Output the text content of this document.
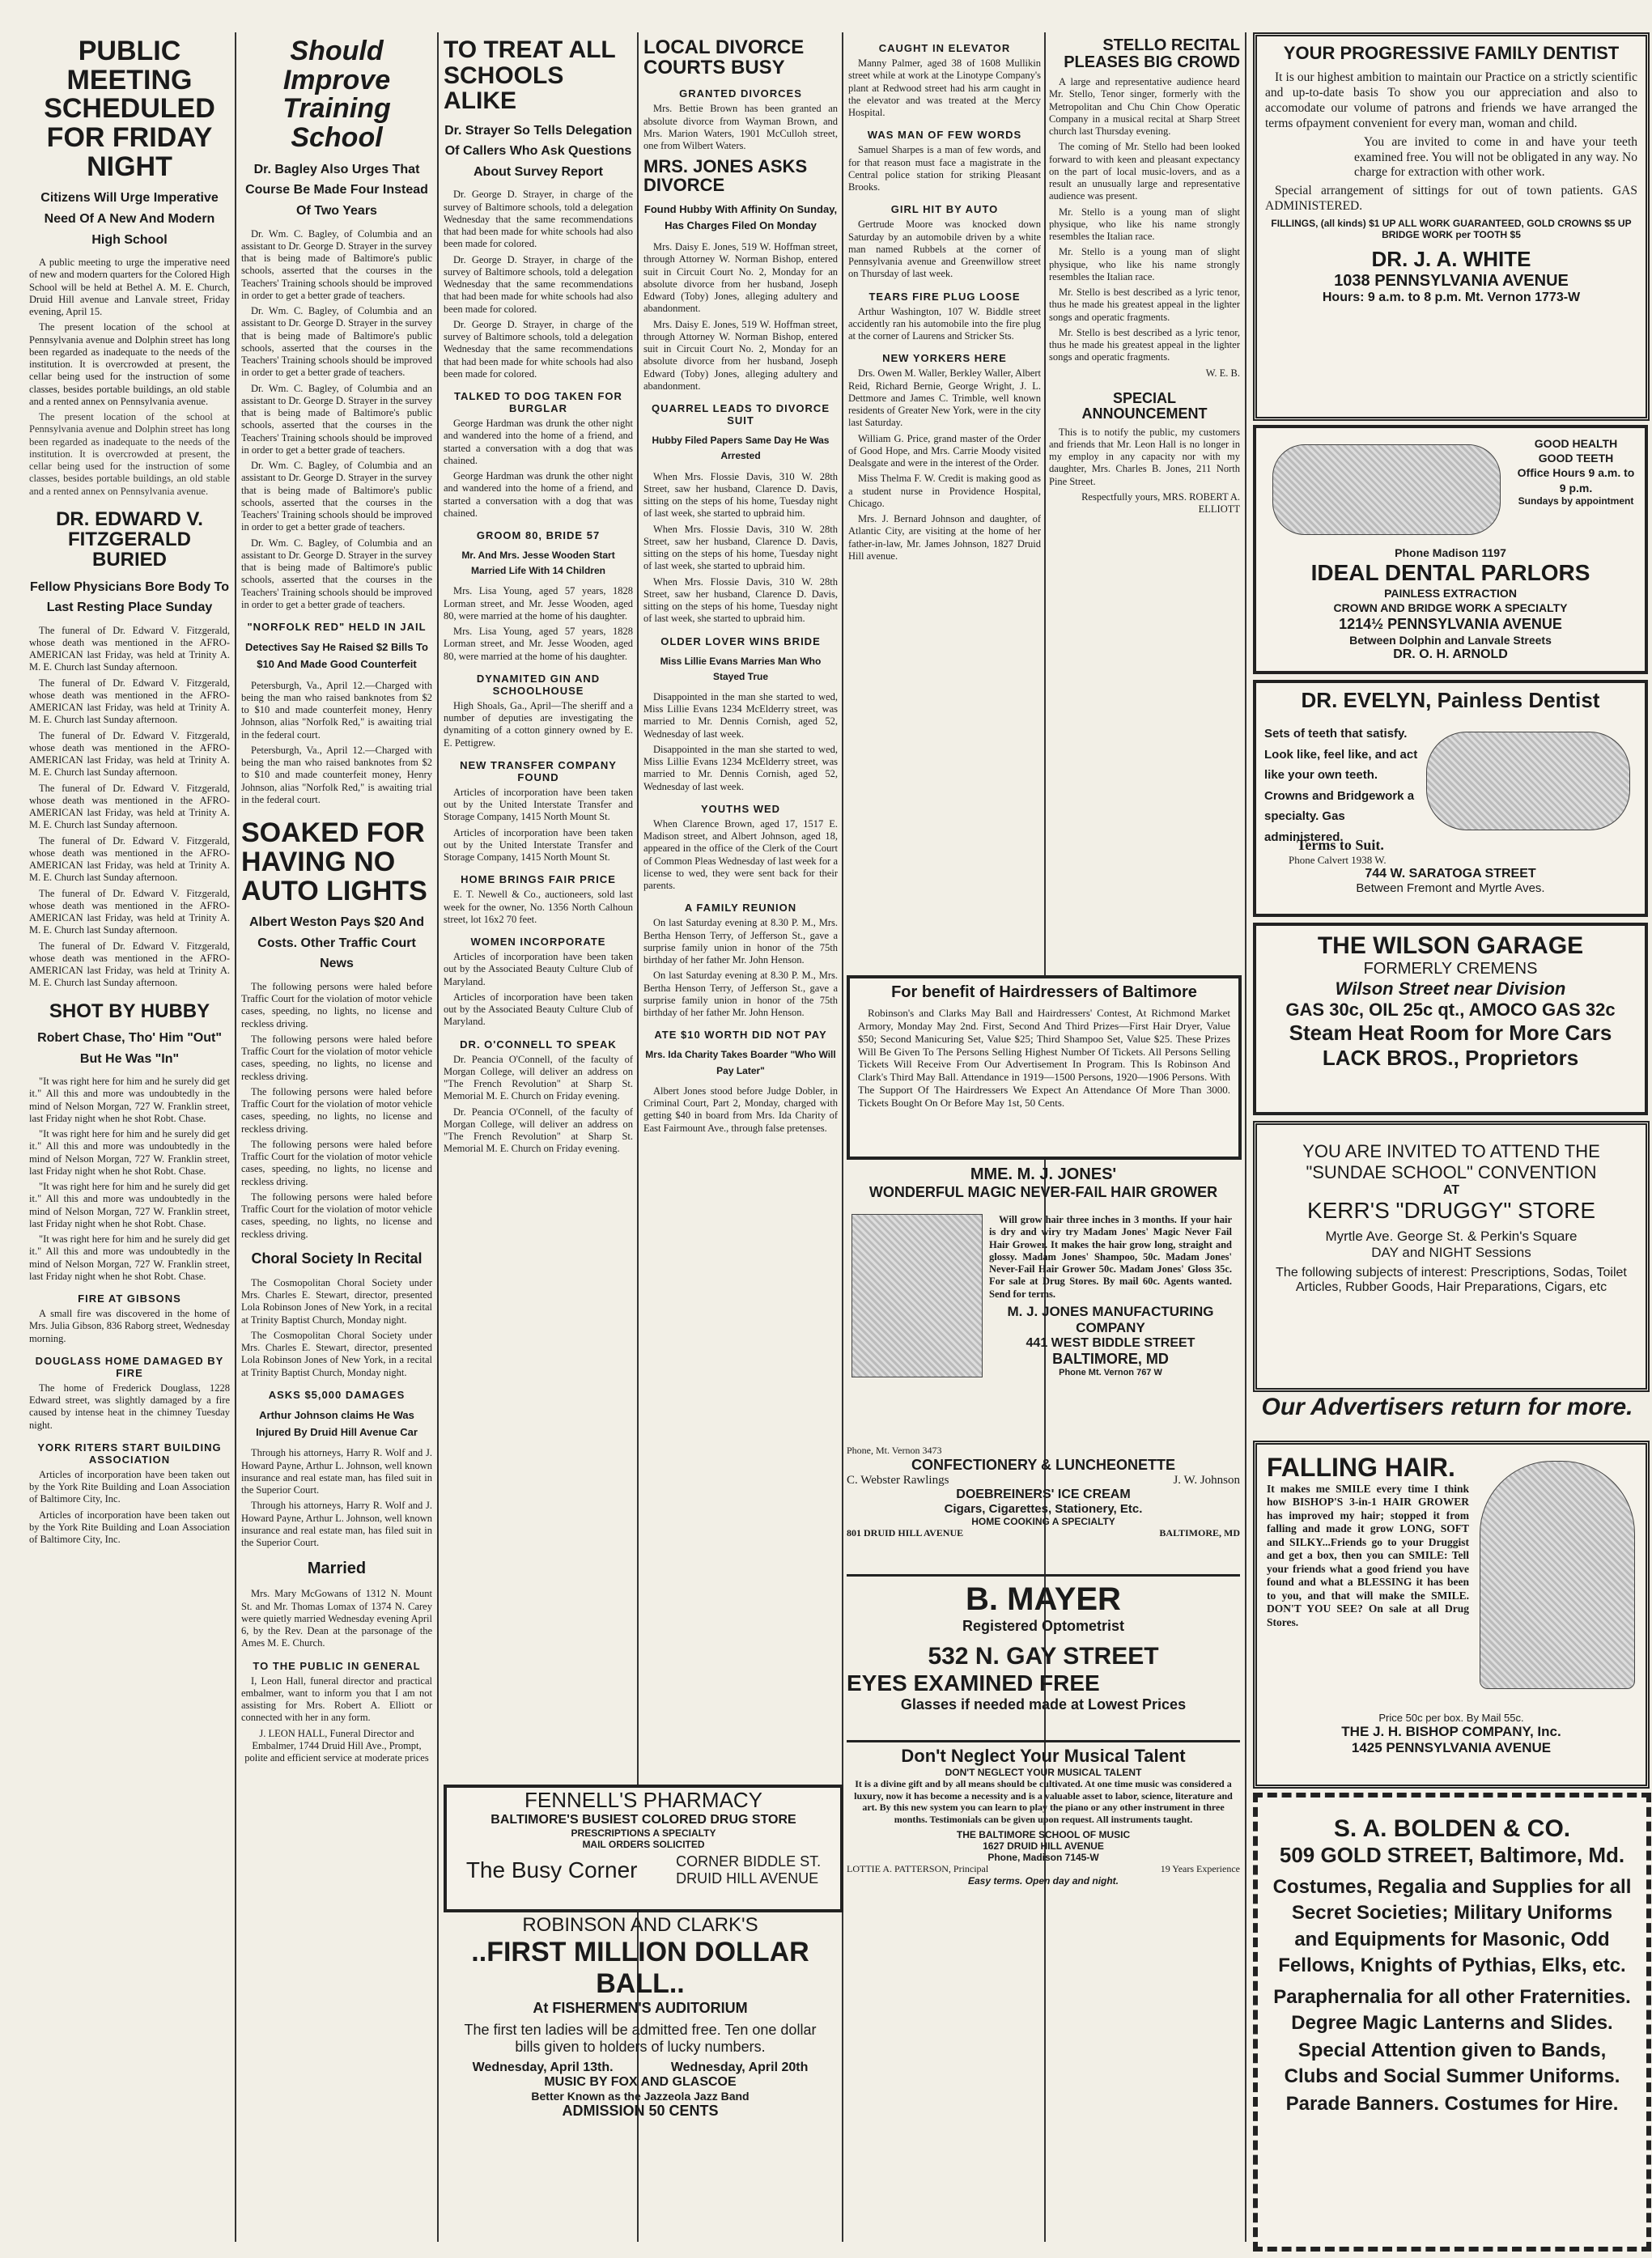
PUBLIC MEETING SCHEDULED FOR FRIDAY NIGHT
Citizens Will Urge Imperative Need Of A New And Modern High School

A public meeting to urge the imperative need of new and modern quarters for the Colored High School will be held at Bethel A. M. E. Church, Druid Hill avenue and Lanvale street, Friday evening, April 15.

The present location of the school at Pennsylvania avenue and Dolphin street has long been regarded as inadequate to the needs of the institution. It is overcrowded at present, the cellar being used for the instruction of some classes, besides portable buildings, an old stable and a rented annex on Pennsylvania avenue.

The present location of the school at Pennsylvania avenue and Dolphin street has long been regarded as inadequate to the needs of the institution. It is overcrowded at present, the cellar being used for the instruction of some classes, besides portable buildings, an old stable and a rented annex on Pennsylvania avenue.

DR. EDWARD V. FITZGERALD BURIED
Fellow Physicians Bore Body To Last Resting Place Sunday

The funeral of Dr. Edward V. Fitzgerald, whose death was mentioned in the AFRO-AMERICAN last Friday, was held at Trinity A. M. E. Church last Sunday afternoon.

The funeral of Dr. Edward V. Fitzgerald, whose death was mentioned in the AFRO-AMERICAN last Friday, was held at Trinity A. M. E. Church last Sunday afternoon.

The funeral of Dr. Edward V. Fitzgerald, whose death was mentioned in the AFRO-AMERICAN last Friday, was held at Trinity A. M. E. Church last Sunday afternoon.

The funeral of Dr. Edward V. Fitzgerald, whose death was mentioned in the AFRO-AMERICAN last Friday, was held at Trinity A. M. E. Church last Sunday afternoon.

The funeral of Dr. Edward V. Fitzgerald, whose death was mentioned in the AFRO-AMERICAN last Friday, was held at Trinity A. M. E. Church last Sunday afternoon.

The funeral of Dr. Edward V. Fitzgerald, whose death was mentioned in the AFRO-AMERICAN last Friday, was held at Trinity A. M. E. Church last Sunday afternoon.

The funeral of Dr. Edward V. Fitzgerald, whose death was mentioned in the AFRO-AMERICAN last Friday, was held at Trinity A. M. E. Church last Sunday afternoon.

SHOT BY HUBBY
Robert Chase, Tho' Him "Out" But He Was "In"

"It was right here for him and he surely did get it." All this and more was undoubtedly in the mind of Nelson Morgan, 727 W. Franklin street, last Friday night when he shot Robt. Chase.

"It was right here for him and he surely did get it." All this and more was undoubtedly in the mind of Nelson Morgan, 727 W. Franklin street, last Friday night when he shot Robt. Chase.

"It was right here for him and he surely did get it." All this and more was undoubtedly in the mind of Nelson Morgan, 727 W. Franklin street, last Friday night when he shot Robt. Chase.

"It was right here for him and he surely did get it." All this and more was undoubtedly in the mind of Nelson Morgan, 727 W. Franklin street, last Friday night when he shot Robt. Chase.

FIRE AT GIBSONS

A small fire was discovered in the home of Mrs. Julia Gibson, 836 Raborg street, Wednesday morning.

DOUGLASS HOME DAMAGED BY FIRE

The home of Frederick Douglass, 1228 Edward street, was slightly damaged by a fire caused by intense heat in the chimney Tuesday night.

YORK RITERS START BUILDING ASSOCIATION

Articles of incorporation have been taken out by the York Rite Building and Loan Association of Baltimore City, Inc.

Articles of incorporation have been taken out by the York Rite Building and Loan Association of Baltimore City, Inc.

Should Improve Training School
Dr. Bagley Also Urges That Course Be Made Four Instead Of Two Years

Dr. Wm. C. Bagley, of Columbia and an assistant to Dr. George D. Strayer in the survey that is being made of Baltimore's public schools, asserted that the courses in the Teachers' Training schools should be improved in order to get a better grade of teachers.

Dr. Wm. C. Bagley, of Columbia and an assistant to Dr. George D. Strayer in the survey that is being made of Baltimore's public schools, asserted that the courses in the Teachers' Training schools should be improved in order to get a better grade of teachers.

Dr. Wm. C. Bagley, of Columbia and an assistant to Dr. George D. Strayer in the survey that is being made of Baltimore's public schools, asserted that the courses in the Teachers' Training schools should be improved in order to get a better grade of teachers.

Dr. Wm. C. Bagley, of Columbia and an assistant to Dr. George D. Strayer in the survey that is being made of Baltimore's public schools, asserted that the courses in the Teachers' Training schools should be improved in order to get a better grade of teachers.

Dr. Wm. C. Bagley, of Columbia and an assistant to Dr. George D. Strayer in the survey that is being made of Baltimore's public schools, asserted that the courses in the Teachers' Training schools should be improved in order to get a better grade of teachers.

"NORFOLK RED" HELD IN JAIL
Detectives Say He Raised $2 Bills To $10 And Made Good Counterfeit

Petersburgh, Va., April 12.—Charged with being the man who raised banknotes from $2 to $10 and made counterfeit money, Henry Johnson, alias "Norfolk Red," is awaiting trial in the federal court.

Petersburgh, Va., April 12.—Charged with being the man who raised banknotes from $2 to $10 and made counterfeit money, Henry Johnson, alias "Norfolk Red," is awaiting trial in the federal court.

SOAKED FOR HAVING NO AUTO LIGHTS
Albert Weston Pays $20 And Costs. Other Traffic Court News

The following persons were haled before Traffic Court for the violation of motor vehicle cases, speeding, no lights, no license and reckless driving.

The following persons were haled before Traffic Court for the violation of motor vehicle cases, speeding, no lights, no license and reckless driving.

The following persons were haled before Traffic Court for the violation of motor vehicle cases, speeding, no lights, no license and reckless driving.

The following persons were haled before Traffic Court for the violation of motor vehicle cases, speeding, no lights, no license and reckless driving.

The following persons were haled before Traffic Court for the violation of motor vehicle cases, speeding, no lights, no license and reckless driving.

Choral Society In Recital

The Cosmopolitan Choral Society under Mrs. Charles E. Stewart, director, presented Lola Robinson Jones of New York, in a recital at Trinity Baptist Church, Monday night.

The Cosmopolitan Choral Society under Mrs. Charles E. Stewart, director, presented Lola Robinson Jones of New York, in a recital at Trinity Baptist Church, Monday night.

ASKS $5,000 DAMAGES
Arthur Johnson claims He Was Injured By Druid Hill Avenue Car

Through his attorneys, Harry R. Wolf and J. Howard Payne, Arthur L. Johnson, well known insurance and real estate man, has filed suit in the Superior Court.

Through his attorneys, Harry R. Wolf and J. Howard Payne, Arthur L. Johnson, well known insurance and real estate man, has filed suit in the Superior Court.

Married

Mrs. Mary McGowans of 1312 N. Mount St. and Mr. Thomas Lomax of 1374 N. Carey were quietly married Wednesday evening April 6, by the Rev. Dean at the parsonage of the Ames M. E. Church.

TO THE PUBLIC IN GENERAL

I, Leon Hall, funeral director and practical embalmer, want to inform you that I am not assisting for Mrs. Robert A. Elliott or connected with her in any form.

J. LEON HALL, Funeral Director and Embalmer, 1744 Druid Hill Ave., Prompt, polite and efficient service at moderate prices

TO TREAT ALL SCHOOLS ALIKE
Dr. Strayer So Tells Delegation Of Callers Who Ask Questions About Survey Report

Dr. George D. Strayer, in charge of the survey of Baltimore schools, told a delegation Wednesday that the same recommendations that had been made for white schools had also been made for colored.

Dr. George D. Strayer, in charge of the survey of Baltimore schools, told a delegation Wednesday that the same recommendations that had been made for white schools had also been made for colored.

Dr. George D. Strayer, in charge of the survey of Baltimore schools, told a delegation Wednesday that the same recommendations that had been made for white schools had also been made for colored.

TALKED TO DOG TAKEN FOR BURGLAR

George Hardman was drunk the other night and wandered into the home of a friend, and started a conversation with a dog that was chained.

George Hardman was drunk the other night and wandered into the home of a friend, and started a conversation with a dog that was chained.

GROOM 80, BRIDE 57
Mr. And Mrs. Jesse Wooden Start Married Life With 14 Children

Mrs. Lisa Young, aged 57 years, 1828 Lorman street, and Mr. Jesse Wooden, aged 80, were married at the home of his daughter.

Mrs. Lisa Young, aged 57 years, 1828 Lorman street, and Mr. Jesse Wooden, aged 80, were married at the home of his daughter.

DYNAMITED GIN AND SCHOOLHOUSE

High Shoals, Ga., April—The sheriff and a number of deputies are investigating the dynamiting of a cotton ginnery owned by E. E. Pettigrew.

NEW TRANSFER COMPANY FOUND

Articles of incorporation have been taken out by the United Interstate Transfer and Storage Company, 1415 North Mount St.

Articles of incorporation have been taken out by the United Interstate Transfer and Storage Company, 1415 North Mount St.

HOME BRINGS FAIR PRICE

E. T. Newell & Co., auctioneers, sold last week for the owner, No. 1356 North Calhoun street, lot 16x2 70 feet.

WOMEN INCORPORATE

Articles of incorporation have been taken out by the Associated Beauty Culture Club of Maryland.

Articles of incorporation have been taken out by the Associated Beauty Culture Club of Maryland.

DR. O'CONNELL TO SPEAK

Dr. Peancia O'Connell, of the faculty of Morgan College, will deliver an address on "The French Revolution" at Sharp St. Memorial M. E. Church on Friday evening.

Dr. Peancia O'Connell, of the faculty of Morgan College, will deliver an address on "The French Revolution" at Sharp St. Memorial M. E. Church on Friday evening.

LOCAL DIVORCE COURTS BUSY
GRANTED DIVORCES

Mrs. Bettie Brown has been granted an absolute divorce from Wayman Brown, and Mrs. Marion Waters, 1901 McCulloh street, one from Wilbert Waters.

MRS. JONES ASKS DIVORCE
Found Hubby With Affinity On Sunday, Has Charges Filed On Monday

Mrs. Daisy E. Jones, 519 W. Hoffman street, through Attorney W. Norman Bishop, entered suit in Circuit Court No. 2, Monday for an absolute divorce from her husband, Joseph Edward (Toby) Jones, alleging adultery and abandonment.

Mrs. Daisy E. Jones, 519 W. Hoffman street, through Attorney W. Norman Bishop, entered suit in Circuit Court No. 2, Monday for an absolute divorce from her husband, Joseph Edward (Toby) Jones, alleging adultery and abandonment.

QUARREL LEADS TO DIVORCE SUIT
Hubby Filed Papers Same Day He Was Arrested

When Mrs. Flossie Davis, 310 W. 28th Street, saw her husband, Clarence D. Davis, sitting on the steps of his home, Tuesday night of last week, she started to upbraid him.

When Mrs. Flossie Davis, 310 W. 28th Street, saw her husband, Clarence D. Davis, sitting on the steps of his home, Tuesday night of last week, she started to upbraid him.

When Mrs. Flossie Davis, 310 W. 28th Street, saw her husband, Clarence D. Davis, sitting on the steps of his home, Tuesday night of last week, she started to upbraid him.

OLDER LOVER WINS BRIDE
Miss Lillie Evans Marries Man Who Stayed True

Disappointed in the man she started to wed, Miss Lillie Evans 1234 McElderry street, was married to Mr. Dennis Cornish, aged 52, Wednesday of last week.

Disappointed in the man she started to wed, Miss Lillie Evans 1234 McElderry street, was married to Mr. Dennis Cornish, aged 52, Wednesday of last week.

YOUTHS WED

When Clarence Brown, aged 17, 1517 E. Madison street, and Albert Johnson, aged 18, appeared in the office of the Clerk of the Court of Common Pleas Wednesday of last week for a license to wed, they were sent back for their parents.

A FAMILY REUNION

On last Saturday evening at 8.30 P. M., Mrs. Bertha Henson Terry, of Jefferson St., gave a surprise family union in honor of the 75th birthday of her father Mr. John Henson.

On last Saturday evening at 8.30 P. M., Mrs. Bertha Henson Terry, of Jefferson St., gave a surprise family union in honor of the 75th birthday of her father Mr. John Henson.

ATE $10 WORTH DID NOT PAY
Mrs. Ida Charity Takes Boarder "Who Will Pay Later"

Albert Jones stood before Judge Dobler, in Criminal Court, Part 2, Monday, charged with getting $40 in board from Mrs. Ida Charity of East Fairmount Ave., through false pretenses.

CAUGHT IN ELEVATOR

Manny Palmer, aged 38 of 1608 Mullikin street while at work at the Linotype Company's plant at Redwood street had his arm caught in the elevator and was treated at the Mercy Hospital.

WAS MAN OF FEW WORDS

Samuel Sharpes is a man of few words, and for that reason must face a magistrate in the Central police station for striking Pleasant Brooks.

GIRL HIT BY AUTO

Gertrude Moore was knocked down Saturday by an automobile driven by a white man named Rubbels at the corner of Pennsylvania avenue and Greenwillow street on Thursday of last week.

TEARS FIRE PLUG LOOSE

Arthur Washington, 107 W. Biddle street accidently ran his automobile into the fire plug at the corner of Laurens and Stricker Sts.

NEW YORKERS HERE

Drs. Owen M. Waller, Berkley Waller, Albert Reid, Richard Bernie, George Wright, J. L. Dettmore and James C. Trimble, well known residents of Greater New York, were in the city last Saturday.

William G. Price, grand master of the Order of Good Hope, and Mrs. Carrie Moody visited Dealsgate and were in the interest of the Order.

Miss Thelma F. W. Credit is making good as a student nurse in Providence Hospital, Chicago.

Mrs. J. Bernard Johnson and daughter, of Atlantic City, are visiting at the home of her father-in-law, Mr. James Johnson, 1827 Druid Hill avenue.

STELLO RECITAL PLEASES BIG CROWD

A large and representative audience heard Mr. Stello, Tenor singer, formerly with the Metropolitan and Chu Chin Chow Operatic Company in a musical recital at Sharp Street church last Thursday evening.

The coming of Mr. Stello had been looked forward to with keen and pleasant expectancy on the part of local music-lovers, and as a result an unusually large and representative audience was present.

Mr. Stello is a young man of slight physique, who like his name strongly resembles the Italian race.

Mr. Stello is a young man of slight physique, who like his name strongly resembles the Italian race.

Mr. Stello is best described as a lyric tenor, thus he made his greatest appeal in the lighter songs and operatic fragments.

Mr. Stello is best described as a lyric tenor, thus he made his greatest appeal in the lighter songs and operatic fragments.

W. E. B.

SPECIAL ANNOUNCEMENT

This is to notify the public, my customers and friends that Mr. Leon Hall is no longer in my employ in any capacity nor with my daughter, Mrs. Charles B. Jones, 211 North Pine Street.

Respectfully yours, MRS. ROBERT A. ELLIOTT

For benefit of Hairdressers of Baltimore

Robinson's and Clarks May Ball and Hairdressers' Contest, At Richmond Market Armory, Monday May 2nd. First, Second And Third Prizes—First Hair Dryer, Value $50; Second Manicuring Set, Value $25; Third Shampoo Set, Value $25. These Prizes Will Be Given To The Persons Selling Highest Number Of Tickets. All Persons Selling Tickets Will Receive From Our Advertisement In Program. This Is Robinson And Clark's Third May Ball. Attendance in 1919—1500 Persons, 1920—1906 Persons. With The Support Of The Hairdressers We Expect An Attendance Of More Than 3000. Tickets Bought On Or Before May 1st, 50 Cents.

MME. M. J. JONES'
WONDERFUL MAGIC NEVER-FAIL HAIR GROWER

Will grow hair three inches in 3 months. If your hair is dry and wiry try Madam Jones' Magic Never Fail Hair Grower. It makes the hair grow long, straight and glossy. Madam Jones' Shampoo, 50c. Madam Jones' Never-Fail Hair Grower 50c. Madam Jones' Gloss 35c. For sale at Drug Stores. By mail 60c. Agents wanted. Send for terms.

M. J. JONES MANUFACTURING COMPANY
441 WEST BIDDLE STREET
BALTIMORE, MD
Phone Mt. Vernon 767 W
Phone, Mt. Vernon 3473
CONFECTIONERY & LUNCHEONETTE
C. Webster Rawlings	J. W. Johnson
DOEBREINERS' ICE CREAM
Cigars, Cigarettes, Stationery, Etc.
HOME COOKING A SPECIALTY
801 DRUID HILL AVENUE	BALTIMORE, MD
B. MAYER
Registered Optometrist
532 N. GAY STREET
EYES EXAMINED FREE
Glasses if needed made at Lowest Prices
Don't Neglect Your Musical Talent
DON'T NEGLECT YOUR MUSICAL TALENT

It is a divine gift and by all means should be cultivated. At one time music was considered a luxury, now it has become a necessity and is a valuable asset to labor, science, literature and art. By this new system you can learn to play the piano or any other instrument in three months. Testimonials can be given upon request. All instruments taught.

THE BALTIMORE SCHOOL OF MUSIC
1627 DRUID HILL AVENUE
Phone, Madison 7145-W
LOTTIE A. PATTERSON, Principal	19 Years Experience
Easy terms. Open day and night.
FENNELL'S PHARMACY
BALTIMORE'S BUSIEST COLORED DRUG STORE
PRESCRIPTIONS A SPECIALTY
MAIL ORDERS SOLICITED
The Busy Corner	CORNER BIDDLE ST.
DRUID HILL AVENUE
ROBINSON AND CLARK'S
..FIRST MILLION DOLLAR BALL..
At FISHERMEN'S AUDITORIUM
The first ten ladies will be admitted free. Ten one dollar bills given to holders of lucky numbers.
Wednesday, April 13th.	Wednesday, April 20th
MUSIC BY FOX AND GLASCOE
Better Known as the Jazzeola Jazz Band
ADMISSION 50 CENTS
YOUR PROGRESSIVE FAMILY DENTIST

It is our highest ambition to maintain our Practice on a strictly scientific and up-to-date basis To show you our appreciation and also to accomodate our volume of patrons and friends we have arranged the terms ofpayment convenient for every man, woman and child.

You are invited to come in and have your teeth examined free. You will not be obligated in any way. No charge for extraction with other work.

Special arrangement of sittings for out of town patients. GAS ADMINISTERED.

FILLINGS, (all kinds) $1 UP ALL WORK GUARANTEED, GOLD CROWNS $5 UP BRIDGE WORK per TOOTH $5
DR. J. A. WHITE
1038 PENNSYLVANIA AVENUE
Hours: 9 a.m. to 8 p.m. Mt. Vernon 1773-W
GOOD HEALTH
GOOD TEETH
Office Hours 9 a.m. to 9 p.m.
Sundays by appointment
Phone Madison 1197
IDEAL DENTAL PARLORS
PAINLESS EXTRACTION
CROWN AND BRIDGE WORK A SPECIALTY
1214½ PENNSYLVANIA AVENUE
Between Dolphin and Lanvale Streets
DR. O. H. ARNOLD
DR. EVELYN, Painless Dentist
Sets of teeth that satisfy. Look like, feel like, and act like your own teeth. Crowns and Bridgework a specialty. Gas administered.
Terms to Suit.
Phone Calvert 1938 W.
744 W. SARATOGA STREET
Between Fremont and Myrtle Aves.
THE WILSON GARAGE
FORMERLY CREMENS
Wilson Street near Division
GAS 30c, OIL 25c qt., AMOCO GAS 32c
Steam Heat Room for More Cars
LACK BROS., Proprietors
YOU ARE INVITED TO ATTEND THE
"SUNDAE SCHOOL" CONVENTION
AT
KERR'S "DRUGGY" STORE
Myrtle Ave. George St. & Perkin's Square
DAY and NIGHT Sessions
The following subjects of interest: Prescriptions, Sodas, Toilet Articles, Rubber Goods, Hair Preparations, Cigars, etc
Our Advertisers return for more.
FALLING HAIR.

It makes me SMILE every time I think how BISHOP'S 3-in-1 HAIR GROWER has improved my hair; stopped it from falling and made it grow LONG, SOFT and SILKY...Friends go to your Druggist and get a box, then you can SMILE: Tell your friends what a good friend you have found and what a BLESSING it has been to you, and that will make the SMILE. DON'T YOU SEE? On sale at all Drug Stores.

Price 50c per box. By Mail 55c.
THE J. H. BISHOP COMPANY, Inc.
1425 PENNSYLVANIA AVENUE
S. A. BOLDEN & CO.
509 GOLD STREET, Baltimore, Md.
Costumes, Regalia and Supplies for all Secret Societies; Military Uniforms and Equipments for Masonic, Odd Fellows, Knights of Pythias, Elks, etc.
Paraphernalia for all other Fraternities.
Degree Magic Lanterns and Slides.
Special Attention given to Bands, Clubs and Social Summer Uniforms.
Parade Banners. Costumes for Hire.
